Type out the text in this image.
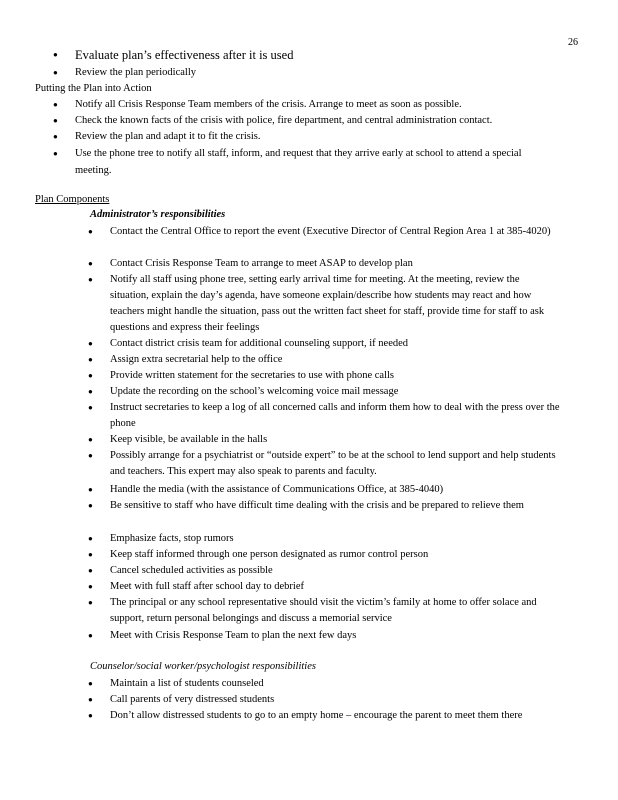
26
● Evaluate plan’s effectiveness after it is used
● Review the plan periodically
Putting the Plan into Action
● Notify all Crisis Response Team members of the crisis. Arrange to meet as soon as possible.
● Check the known facts of the crisis with police, fire department, and central administration contact.
● Review the plan and adapt it to fit the crisis.
● Use the phone tree to notify all staff, inform, and request that they arrive early at school to attend a special meeting.
Plan Components
Administrator’s responsibilities
● Contact the Central Office to report the event (Executive Director of Central Region Area 1 at 385-4020)
● Contact Crisis Response Team to arrange to meet ASAP to develop plan
● Notify all staff using phone tree, setting early arrival time for meeting. At the meeting, review the situation, explain the day’s agenda, have someone explain/describe how students may react and how teachers might handle the situation, pass out the written fact sheet for staff, provide time for staff to ask questions and express their feelings
● Contact district crisis team for additional counseling support, if needed
● Assign extra secretarial help to the office
● Provide written statement for the secretaries to use with phone calls
● Update the recording on the school’s welcoming voice mail message
● Instruct secretaries to keep a log of all concerned calls and inform them how to deal with the press over the phone
● Keep visible, be available in the halls
● Possibly arrange for a psychiatrist or “outside expert” to be at the school to lend support and help students and teachers. This expert may also speak to parents and faculty.
● Handle the media (with the assistance of Communications Office, at 385-4040)
● Be sensitive to staff who have difficult time dealing with the crisis and be prepared to relieve them
● Emphasize facts, stop rumors
● Keep staff informed through one person designated as rumor control person
● Cancel scheduled activities as possible
● Meet with full staff after school day to debrief
● The principal or any school representative should visit the victim’s family at home to offer solace and support, return personal belongings and discuss a memorial service
● Meet with Crisis Response Team to plan the next few days
Counselor/social worker/psychologist responsibilities
● Maintain a list of students counseled
● Call parents of very distressed students
● Don’t allow distressed students to go to an empty home – encourage the parent to meet them there
